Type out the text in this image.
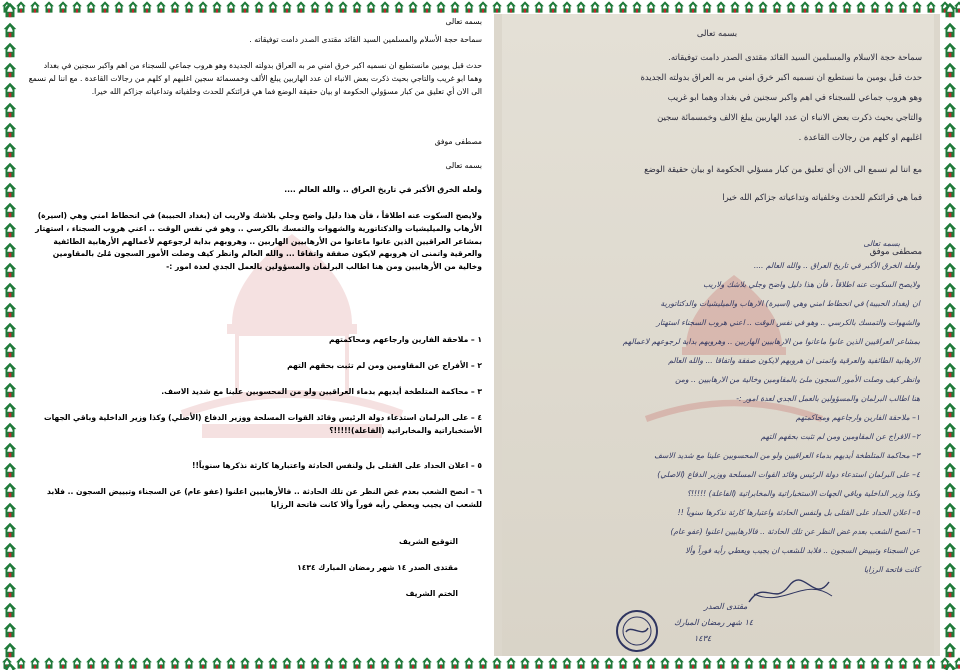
بسمه تعالى
سماحة حجة الأسلام والمسلمين السيد القائد مقتدى الصدر دامت توفيقاته .
حدث قبل يومين مانستطيع ان نسميه اكبر خرق امني مر به العراق بدولته الجديدة وهو هروب جماعي للسجناء من اهم واكبر سجنين في بغداد وهما ابو غريب والتاجي بحيث ذكرت بعض الانباء ان عدد الهاربين يبلغ الألف وخمسمائة سجين اغلبهم او كلهم من رجالات القاعدة . مع اننا لم نسمع الى الان أي تعليق من كبار مسؤولي الحكومة او بيان حقيقة الوضع فما هي قرائتكم للحدث وخلفياته وتداعياته جزاكم الله خيرا.
مصطفى موفق
بسمه تعالى
ولعله الخرق الأكبر في تاريخ العراق .. والله العالم ....
ولايصح السكوت عنه اطلاقاً ، فأن هذا دليل واضح وجلي بلاشك ولاريب ان (بغداد الحبيبة) في انحطاط امني وهي (اسيرة) الأرهاب والميليشيات والدكتاتورية والشهوات والتمسك بالكرسي .. وهو في نفس الوقت .. اعني هروب السجناء ، استهتار بمشاعر العراقيين الذين عانوا ماعانوا من الأرهابيين الهاربين .. وهروبهم بداية لرجوعهم لأعمالهم الأرهابية الطائفية والعرقية واتمنى ان هروبهم لايكون صفقة واتفاقا ... والله العالم وانظر كيف وصلت الأمور السجون مُلئ بالمقاومين وخالية من الأرهابيين ومن هنا اطالب البرلمان والمسؤولين بالعمل الجدي لعدة امور :-
١ – ملاحقة الفارين وارجاعهم ومحاكمتهم
٢ – الأفراج عن المقاومين ومن لم تثبت بحقهم التهم
٣ – محاكمة المتلطخة أيديهم بدماء العراقيين ولو من المحسوبين علينا مع شديد الاسف.
٤ – على البرلمان استدعاء دولة الرئيس وقائد القوات المسلحة ووزير الدفاع (الأصلي) وكذا وزير الداخلية وباقي الجهات الأستخباراتية والمخابراتية (الفاعلة)!!!!!؟
٥ – اعلان الحداد على القتلى بل ولنفس الحادثة واعتبارها كارثة نذكرها سنوياً!!
٦ – انصح الشعب بعدم غض النظر عن تلك الحادثة .. فالأرهابيين اعلنوا (عفو عام) عن السجناء وتبييض السجون .. فلابد للشعب ان يجيب ويعطي رأيه فوراً وألا كانت فاتحة الرزايا
التوقيع الشريف
مقتدى الصدر ١٤ شهر رمضان المبارك ١٤٣٤
الختم الشريف
بسمه تعالى
سماحة حجة الاسلام والمسلمين السيد القائد مقتدى الصدر دامت توفيقاته.
حدث قبل يومين ما نستطيع ان نسميه اكبر خرق امني مر به العراق بدولته الجديدة
وهو هروب جماعي للسجناء في اهم واكبر سجنين في بغداد وهما ابو غريب
والتاجي بحيث ذكرت بعض الانباء ان عدد الهاربين يبلغ الالف وخمسمائة سجين
اغلبهم او كلهم من رجالات القاعدة .
مع اننا لم نسمع الى الان أي تعليق من كبار مسؤلي الحكومة او بيان حقيقة الوضع
فما هي قرائتكم للحدث وخلفياته وتداعياته جزاكم الله خيرا
مصطفى موفق
بسمه تعالى
مقتدى الصدر
١٤ شهر رمضان المبارك
١٤٣٤
ولعله الخرق الأكبر في تاريخ العراق .. والله العالم ....
ولايصح السكوت عنه اطلاقاً ، فأن هذا دليل واضح وجلي بلاشك ولاريب
ان (بغداد الحبيبة) في انحطاط امني وهي (اسيرة) الارهاب والميليشيات والدكتاتورية
والشهوات والتمسك بالكرسي .. وهو في نفس الوقت .. اعني هروب السجناء استهتار
بمشاعر العراقيين الذين عانوا ماعانوا من الارهابيين الهاربين .. وهروبهم بداية لرجوعهم لاعمالهم
الارهابية الطائفية والعرقية واتمنى ان هروبهم لايكون صفقة واتفاقا ... والله العالم
وانظر كيف وصلت الأمور السجون ملئ بالمقاومين وخالية من الارهابيين .. ومن
هنا اطالب البرلمان والمسؤولين بالعمل الجدي لعدة امور :-
١– ملاحقة الفارين وارجاعهم ومحاكمتهم
٢– الافراج عن المقاومين ومن لم تثبت بحقهم التهم
٣– محاكمة المتلطخة أيديهم بدماء العراقيين ولو من المحسوبين علينا مع شديد الاسف
٤– على البرلمان استدعاء دولة الرئيس وقائد القوات المسلحة ووزير الدفاع (الاصلي)
وكذا وزير الداخلية وباقي الجهات الاستخباراتية والمخابراتية (الفاعلة) !!!!!؟
٥– اعلان الحداد على القتلى بل ولنفس الحادثة واعتبارها كارثة نذكرها سنوياً !!
٦– انصح الشعب بعدم غض النظر عن تلك الحادثة .. فالارهابيين اعلنوا (عفو عام)
عن السجناء وتبييض السجون .. فلابد للشعب ان يجيب ويعطي رأيه فوراً وألا
كانت فاتحة الرزايا
